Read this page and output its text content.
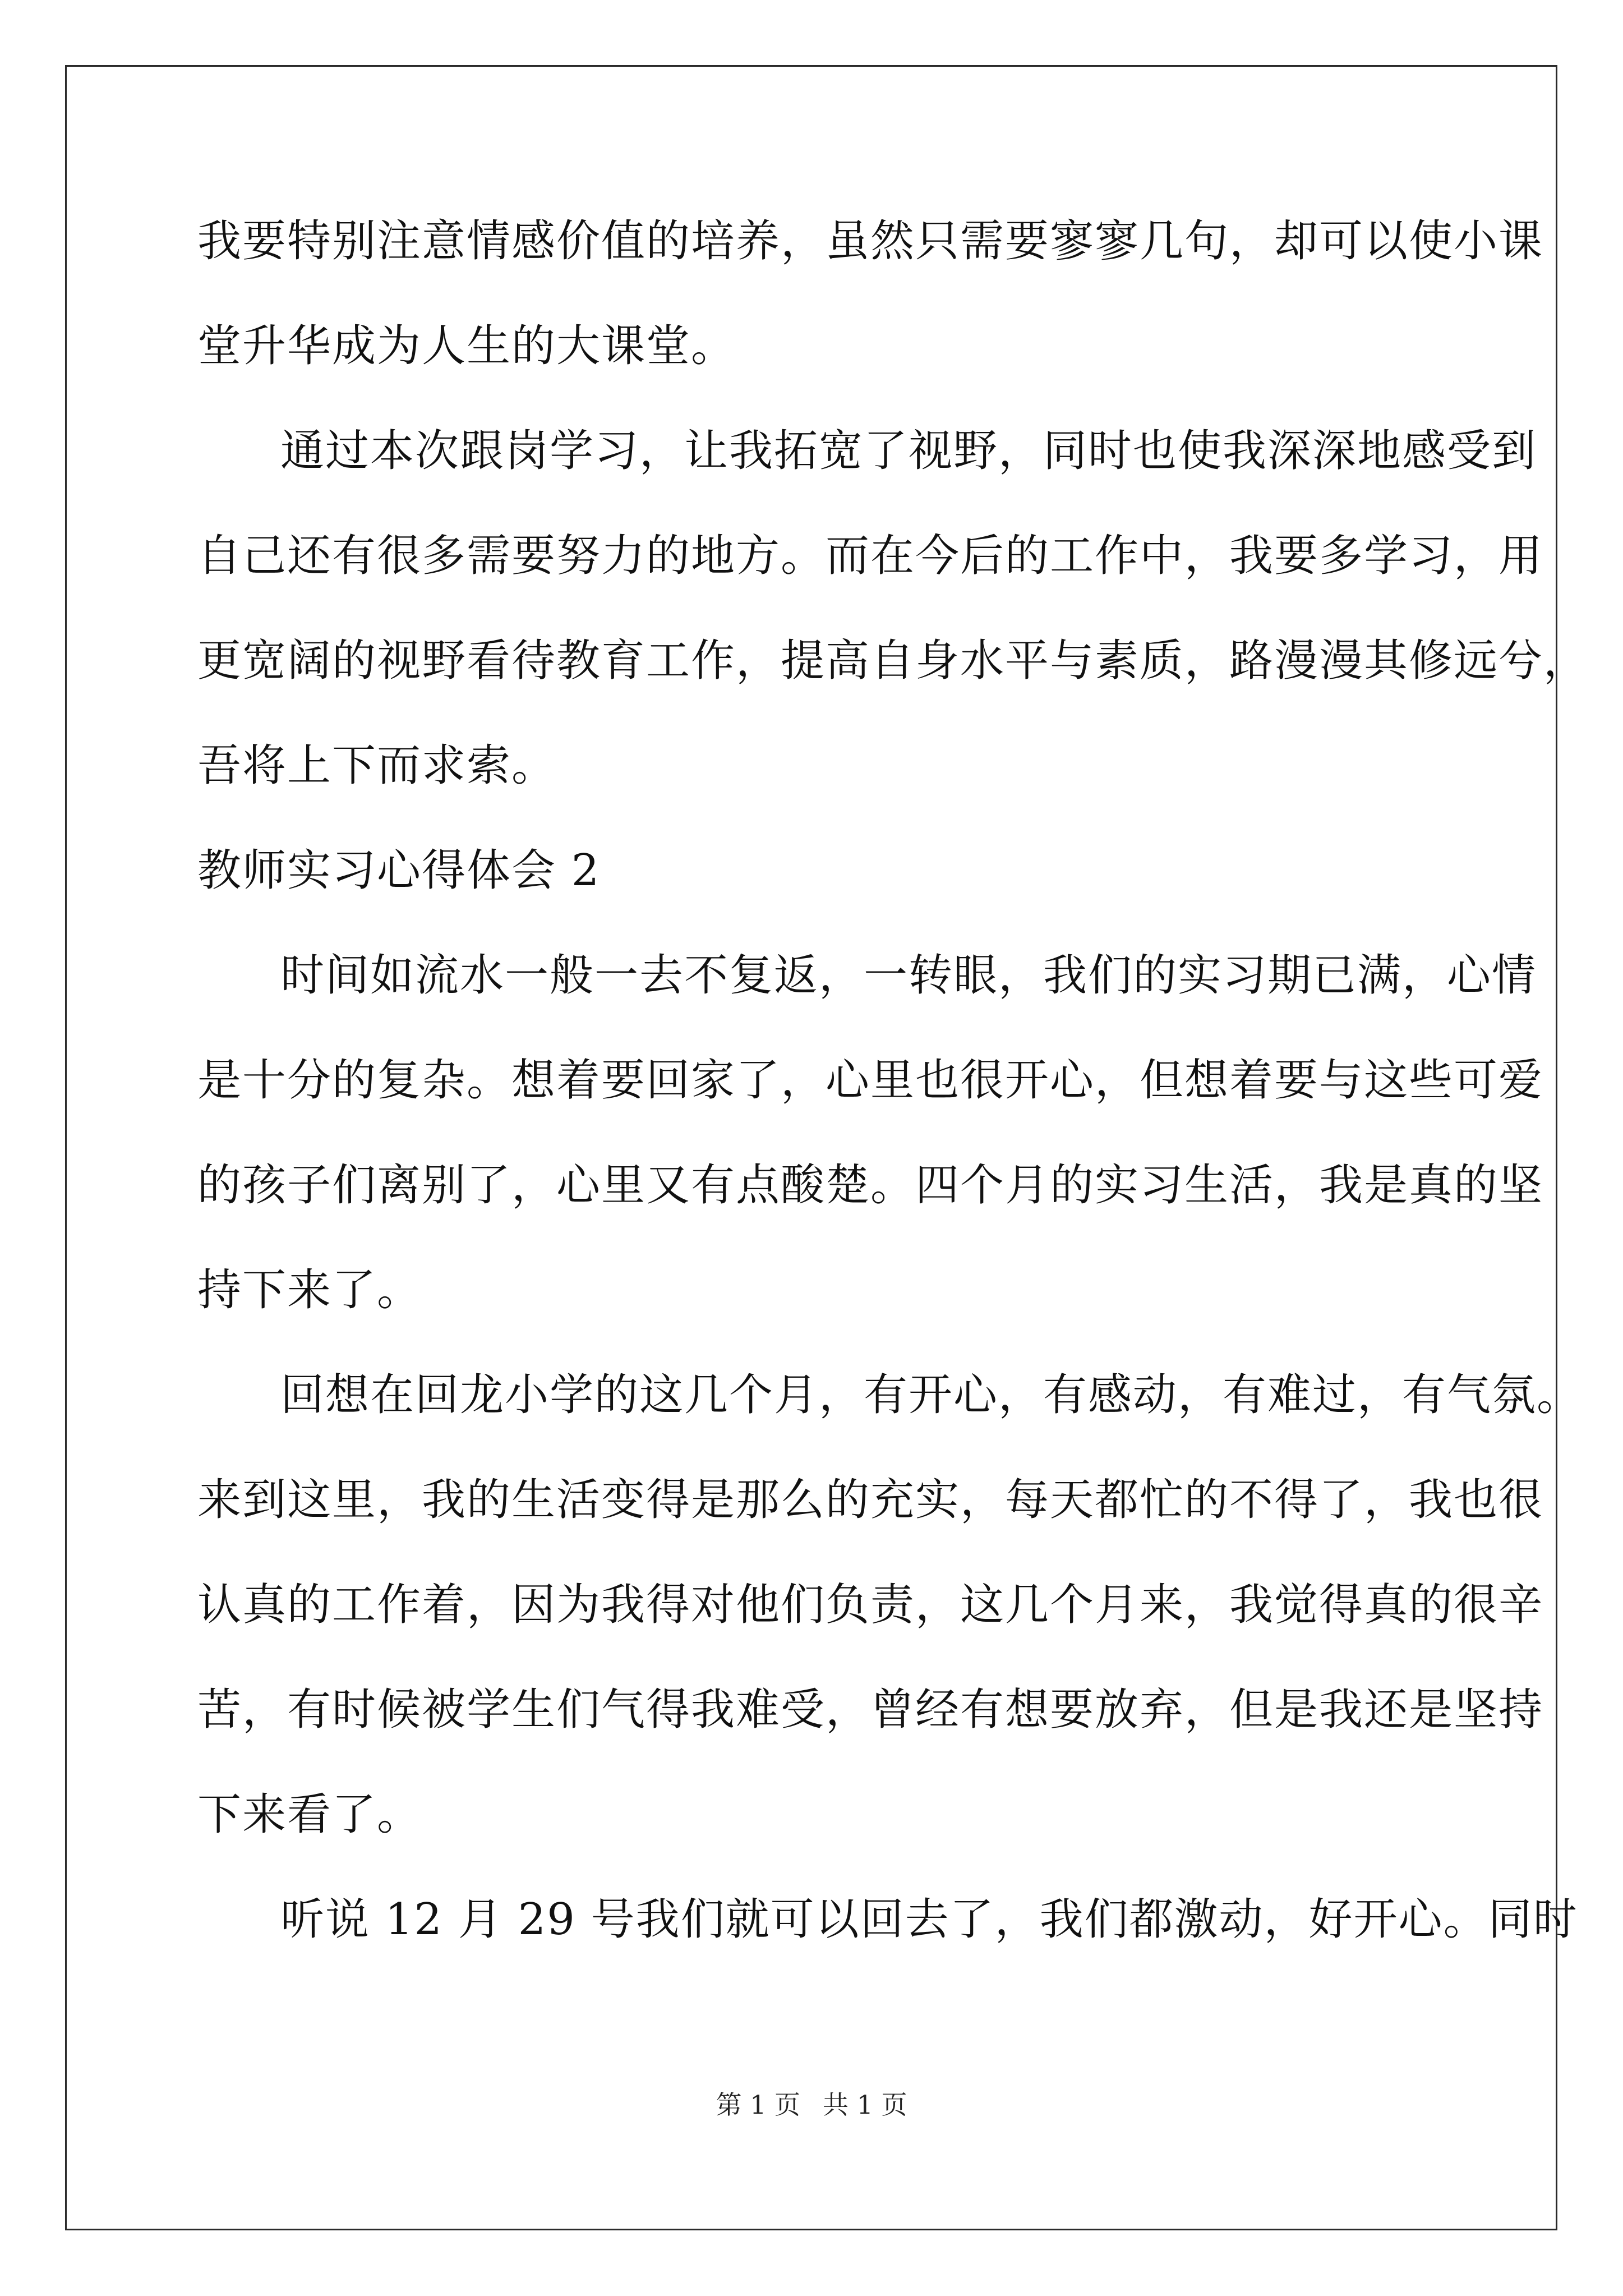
我要特别注意情感价值的培养，虽然只需要寥寥几句，却可以使小课
堂升华成为人生的大课堂。
通过本次跟岗学习，让我拓宽了视野，同时也使我深深地感受到
自己还有很多需要努力的地方。而在今后的工作中，我要多学习，用
更宽阔的视野看待教育工作，提高自身水平与素质，路漫漫其修远兮，
吾将上下而求索。
教师实习心得体会 2
时间如流水一般一去不复返，一转眼，我们的实习期已满，心情
是十分的复杂。想着要回家了，心里也很开心，但想着要与这些可爱
的孩子们离别了，心里又有点酸楚。四个月的实习生活，我是真的坚
持下来了。
回想在回龙小学的这几个月，有开心，有感动，有难过，有气氛。
来到这里，我的生活变得是那么的充实，每天都忙的不得了，我也很
认真的工作着，因为我得对他们负责，这几个月来，我觉得真的很辛
苦，有时候被学生们气得我难受，曾经有想要放弃，但是我还是坚持
下来看了。
听说 12 月 29 号我们就可以回去了，我们都激动，好开心。同时
第 1 页 共 1 页
